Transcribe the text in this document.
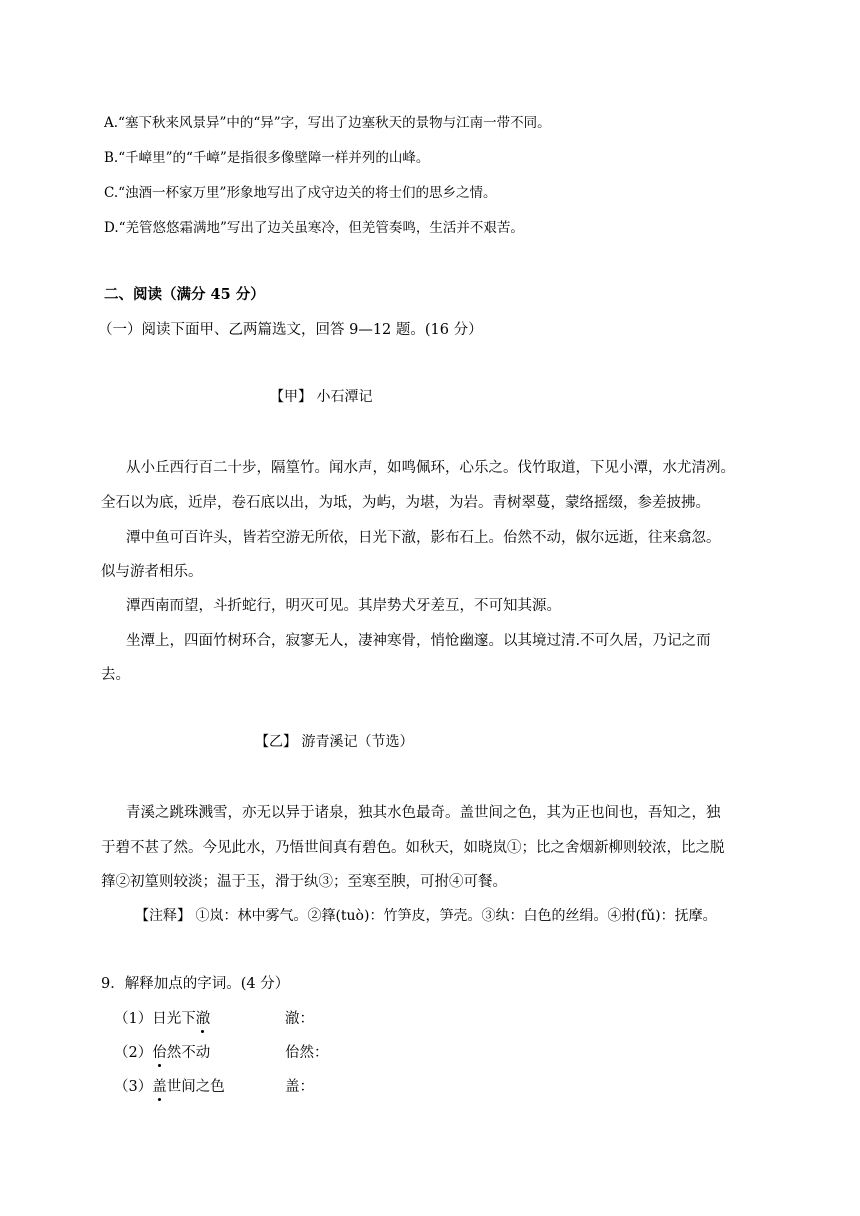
A.“塞下秋来风景异”中的“异”字，写出了边塞秋天的景物与江南一带不同。
B.“千嶂里”的“千嶂”是指很多像壁障一样并列的山峰。
C.“浊酒一杯家万里”形象地写出了戍守边关的将士们的思乡之情。
D.“羌管悠悠霜满地”写出了边关虽寒冷，但羌管奏鸣，生活并不艰苦。
二、阅读（满分 45 分）
（一）阅读下面甲、乙两篇选文，回答 9—12 题。(16 分）
【甲】 小石潭记
从小丘西行百二十步，隔篁竹。闻水声，如鸣佩环，心乐之。伐竹取道，下见小潭，水尤清冽。
全石以为底，近岸，卷石底以出，为坻，为屿，为堪，为岩。青树翠蔓，蒙络摇缀，参差披拂。
潭中鱼可百许头，皆若空游无所依，日光下澈，影布石上。佁然不动，俶尔远逝，往来翕忽。
似与游者相乐。
潭西南而望，斗折蛇行，明灭可见。其岸势犬牙差互，不可知其源。
坐潭上，四面竹树环合，寂寥无人，凄神寒骨，悄怆幽邃。以其境过清.不可久居，乃记之而
去。
【乙】 游青溪记（节选）
青溪之跳珠溅雪，亦无以异于诸泉，独其水色最奇。盖世间之色，其为正也间也，吾知之，独
于碧不甚了然。今见此水，乃悟世间真有碧色。如秋天，如晓岚①；比之舍烟新柳则较浓，比之脱
箨②初篁则较淡；温于玉，滑于纨③；至寒至腴，可拊④可餐。
【注释】 ①岚：林中雾气。②箨(tuò)：竹笋皮，笋壳。③纨：白色的丝绢。④拊(fǔ)：抚摩。
9．解释加点的字词。(4 分）
（1）日光下澈	澈：
（2）佁然不动	佁然：
（3）盖世间之色	盖：
